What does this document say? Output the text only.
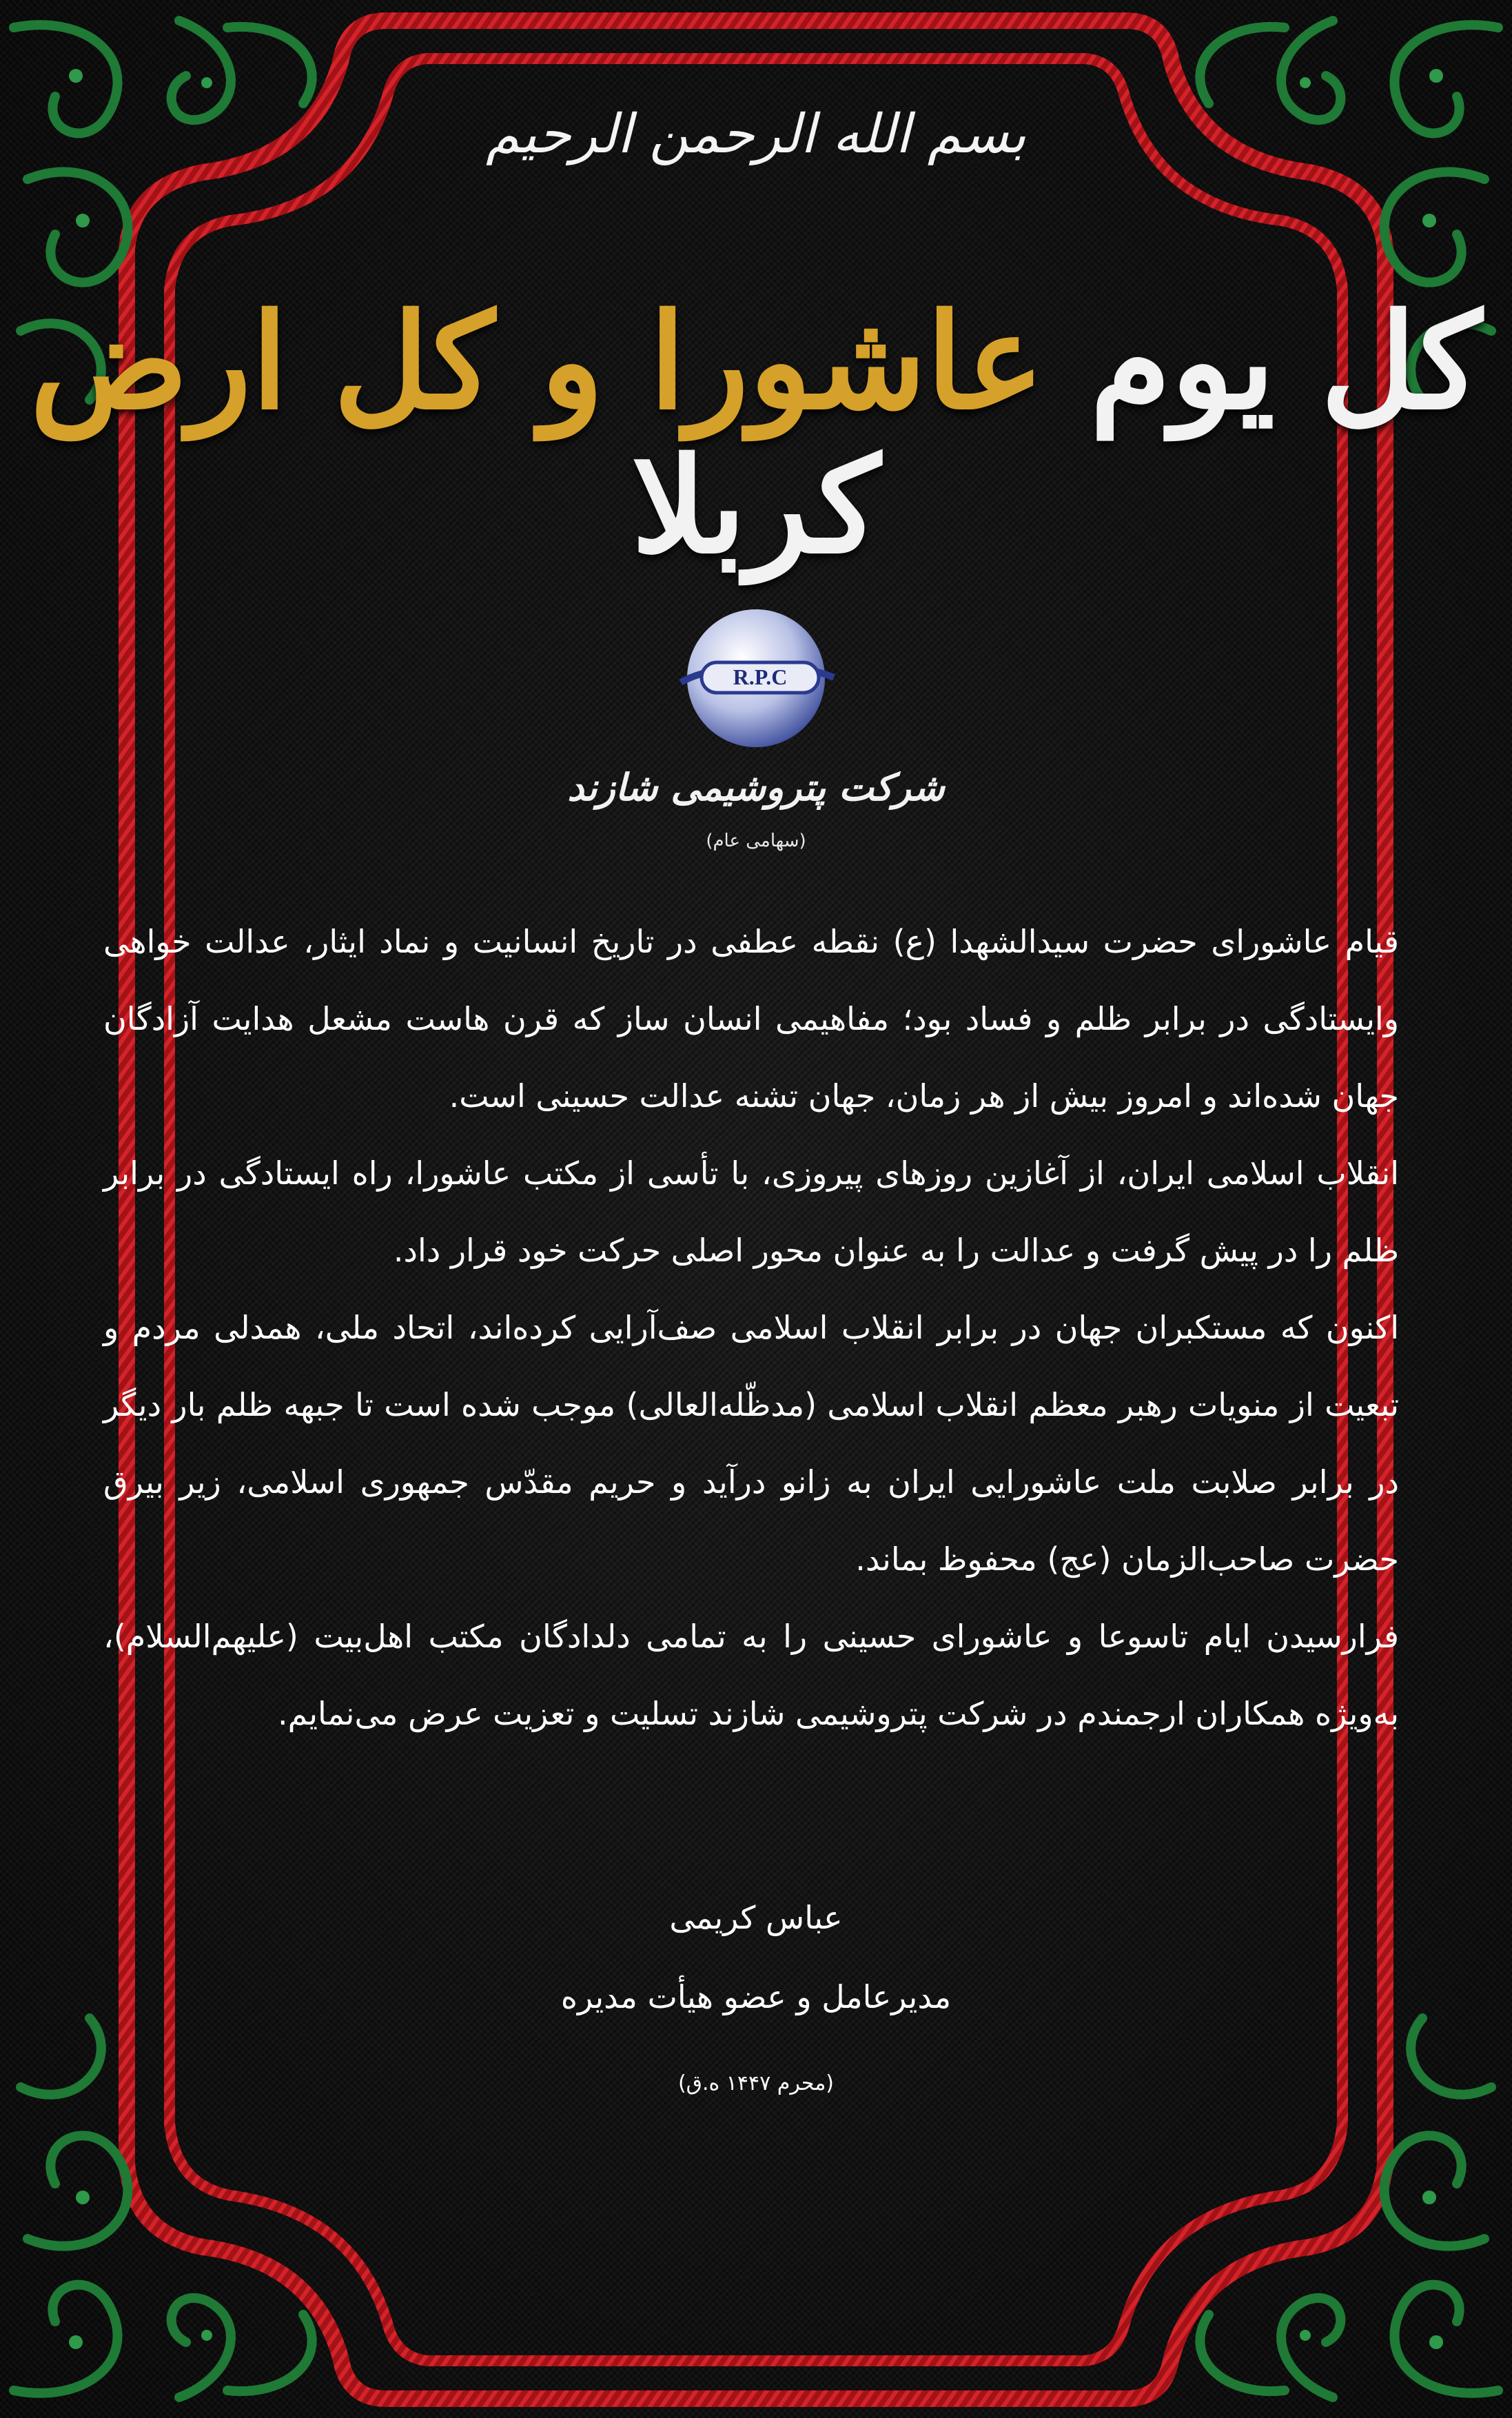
بسم الله الرحمن الرحیم
کل یوم عاشورا و کل ارض کربلا
R.P.C
شرکت پتروشیمی شازند
(سهامی عام)

قیام عاشورای حضرت سیدالشهدا (ع) نقطه عطفی در تاریخ انسانیت و نماد ایثار، عدالت خواهی وایستادگی در برابر ظلم و فساد بود؛ مفاهیمی انسان ساز که قرن هاست مشعل هدایت آزادگان جهان شده‌اند و امروز بیش از هر زمان، جهان تشنه عدالت حسینی است.

انقلاب اسلامی ایران، از آغازین روزهای پیروزی، با تأسی از مکتب عاشورا، راه ایستادگی در برابر ظلم را در پیش گرفت و عدالت را به عنوان محور اصلی حرکت خود قرار داد.

اکنون که مستکبران جهان در برابر انقلاب اسلامی صف‌آرایی کرده‌اند، اتحاد ملی، همدلی مردم و تبعیت از منویات رهبر معظم انقلاب اسلامی (مدظّله‌العالی) موجب شده است تا جبهه ظلم بار دیگر در برابر صلابت ملت عاشورایی ایران به زانو درآید و حریم مقدّس جمهوری اسلامی، زیر بیرق حضرت صاحب‌الزمان (عج) محفوظ بماند.

فرارسیدن ایام تاسوعا و عاشورای حسینی را به تمامی دلدادگان مکتب اهل‌بیت (علیهم‌السلام)، به‌ویژه همکاران ارجمندم در شرکت پتروشیمی شازند تسلیت و تعزیت عرض می‌نمایم.

عباس کریمی
مدیرعامل و عضو هیأت مدیره
(محرم ۱۴۴۷ ه.ق)
